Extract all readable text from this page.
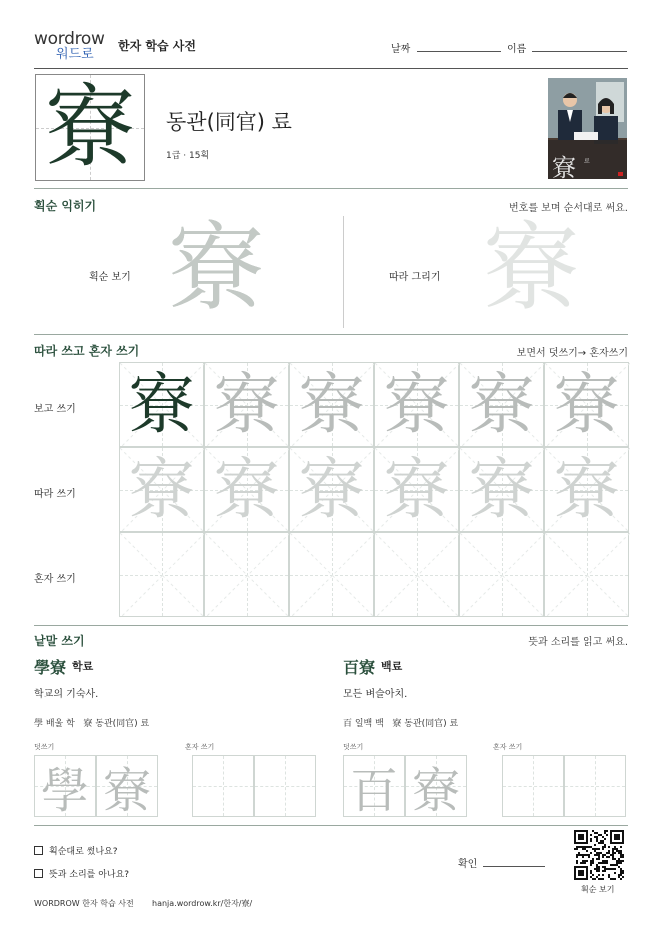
wordrow
워드로
한자 학습 사전	날짜	이름
寮	동관(同官) 료
1급 · 15획	寮 료
획순 익히기	번호를 보며 순서대로 써요.
획순 보기 寮	따라 그리기 寮
따라 쓰고 혼자 쓰기	보면서 덧쓰기→ 혼자쓰기
보고 쓰기
따라 쓰기
혼자 쓰기
寮 寮 寮 寮 寮 寮
寮 寮 寮 寮 寮 寮
낱말 쓰기	뜻과 소리를 읽고 써요.
學寮 학료
학교의 기숙사.
學 배울 학   寮 동관(同官) 료
덧쓰기	혼자 쓰기
學 寮
百寮 백료
모든 벼슬아치.
百 일백 백   寮 동관(同官) 료
덧쓰기	혼자 쓰기
百 寮
획순대로 썼나요?
뜻과 소리를 아나요?
확인
획순 보기
WORDROW 한자 학습 사전 hanja.wordrow.kr/한자/寮/
